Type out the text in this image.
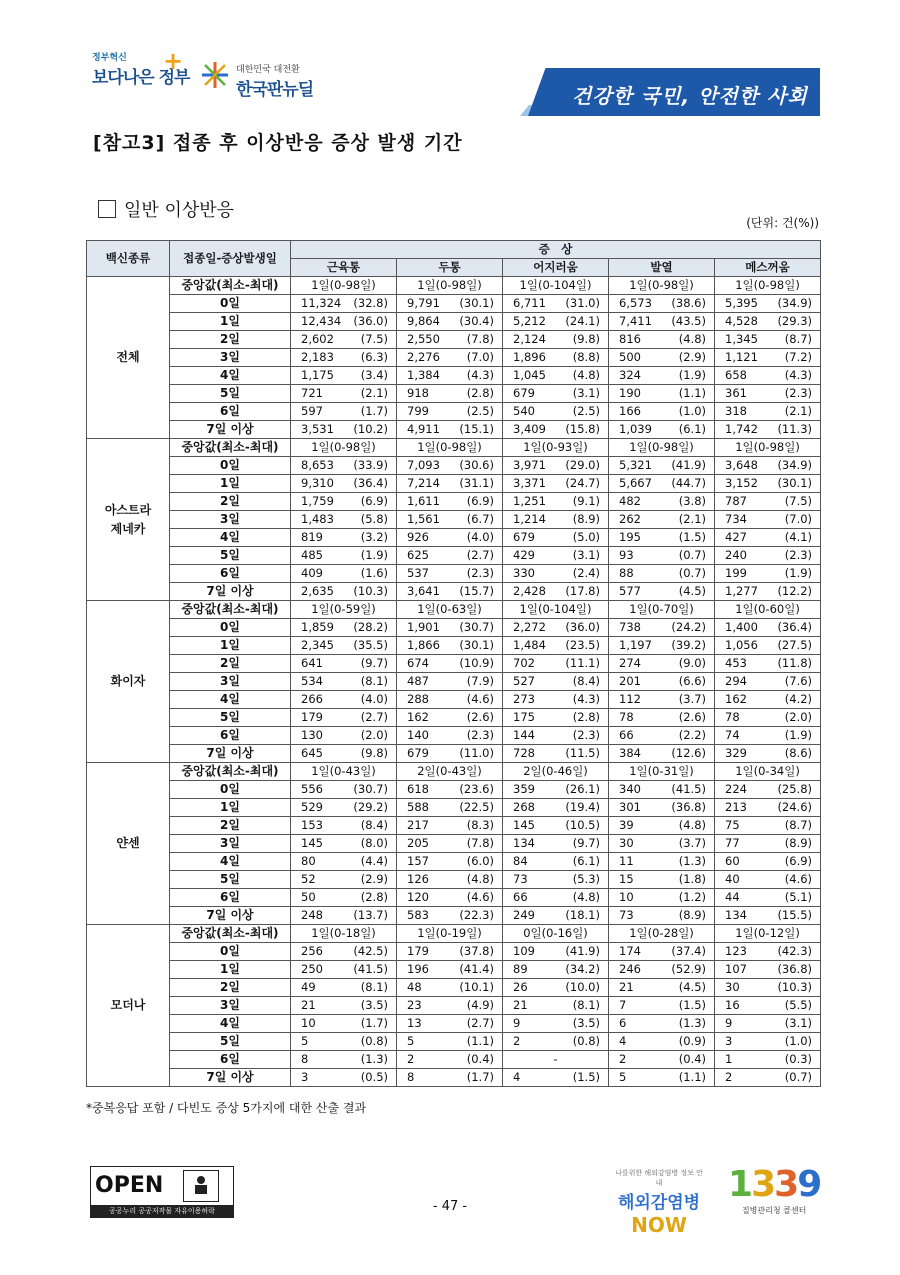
정부혁신
보다나은 정부
+	대한민국 대전환
한국판뉴딜	건강한 국민, 안전한 사회
[참고3] 접종 후 이상반응 증상 발생 기간
일반 이상반응
(단위: 건(%))
백신종류	접종일-증상발생일	증　상				
		근육통	두통	어지러움	발열	메스꺼움

전체	중앙값(최소-최대)	1일(0-98일)	1일(0-98일)	1일(0-104일)	1일(0-98일)	1일(0-98일)
	0일	11,324 (32.8)	9,791 (30.1)	6,711 (31.0)	6,573 (38.6)	5,395 (34.9)

	1일	12,434 (36.0)	9,864 (30.4)	5,212 (24.1)	7,411 (43.5)	4,528 (29.3)

	2일	2,602 (7.5)	2,550 (7.8)	2,124 (9.8)	816 (4.8)	1,345 (8.7)

	3일	2,183 (6.3)	2,276 (7.0)	1,896 (8.8)	500 (2.9)	1,121 (7.2)

	4일	1,175 (3.4)	1,384 (4.3)	1,045 (4.8)	324 (1.9)	658 (4.3)

	5일	721 (2.1)	918 (2.8)	679 (3.1)	190 (1.1)	361 (2.3)

	6일	597 (1.7)	799 (2.5)	540 (2.5)	166 (1.0)	318 (2.1)

	7일 이상	3,531 (10.2)	4,911 (15.1)	3,409 (15.8)	1,039 (6.1)	1,742 (11.3)

아스트라
제네카	중앙값(최소-최대)	1일(0-98일)	1일(0-98일)	1일(0-93일)	1일(0-98일)	1일(0-98일)
	0일	8,653 (33.9)	7,093 (30.6)	3,971 (29.0)	5,321 (41.9)	3,648 (34.9)

	1일	9,310 (36.4)	7,214 (31.1)	3,371 (24.7)	5,667 (44.7)	3,152 (30.1)

	2일	1,759 (6.9)	1,611 (6.9)	1,251 (9.1)	482 (3.8)	787 (7.5)

	3일	1,483 (5.8)	1,561 (6.7)	1,214 (8.9)	262 (2.1)	734 (7.0)

	4일	819 (3.2)	926 (4.0)	679 (5.0)	195 (1.5)	427 (4.1)

	5일	485 (1.9)	625 (2.7)	429 (3.1)	93 (0.7)	240 (2.3)

	6일	409 (1.6)	537 (2.3)	330 (2.4)	88 (0.7)	199 (1.9)

	7일 이상	2,635 (10.3)	3,641 (15.7)	2,428 (17.8)	577 (4.5)	1,277 (12.2)

화이자	중앙값(최소-최대)	1일(0-59일)	1일(0-63일)	1일(0-104일)	1일(0-70일)	1일(0-60일)
	0일	1,859 (28.2)	1,901 (30.7)	2,272 (36.0)	738 (24.2)	1,400 (36.4)

	1일	2,345 (35.5)	1,866 (30.1)	1,484 (23.5)	1,197 (39.2)	1,056 (27.5)

	2일	641 (9.7)	674 (10.9)	702 (11.1)	274 (9.0)	453 (11.8)

	3일	534 (8.1)	487 (7.9)	527 (8.4)	201 (6.6)	294 (7.6)

	4일	266 (4.0)	288 (4.6)	273 (4.3)	112 (3.7)	162 (4.2)

	5일	179 (2.7)	162 (2.6)	175 (2.8)	78 (2.6)	78 (2.0)

	6일	130 (2.0)	140 (2.3)	144 (2.3)	66 (2.2)	74 (1.9)

	7일 이상	645 (9.8)	679 (11.0)	728 (11.5)	384 (12.6)	329 (8.6)

얀센	중앙값(최소-최대)	1일(0-43일)	2일(0-43일)	2일(0-46일)	1일(0-31일)	1일(0-34일)
	0일	556 (30.7)	618 (23.6)	359 (26.1)	340 (41.5)	224 (25.8)

	1일	529 (29.2)	588 (22.5)	268 (19.4)	301 (36.8)	213 (24.6)

	2일	153 (8.4)	217 (8.3)	145 (10.5)	39 (4.8)	75 (8.7)

	3일	145 (8.0)	205 (7.8)	134 (9.7)	30 (3.7)	77 (8.9)

	4일	80 (4.4)	157 (6.0)	84 (6.1)	11 (1.3)	60 (6.9)

	5일	52 (2.9)	126 (4.8)	73 (5.3)	15 (1.8)	40 (4.6)

	6일	50 (2.8)	120 (4.6)	66 (4.8)	10 (1.2)	44 (5.1)

	7일 이상	248 (13.7)	583 (22.3)	249 (18.1)	73 (8.9)	134 (15.5)

모더나	중앙값(최소-최대)	1일(0-18일)	1일(0-19일)	0일(0-16일)	1일(0-28일)	1일(0-12일)
	0일	256 (42.5)	179 (37.8)	109 (41.9)	174 (37.4)	123 (42.3)

	1일	250 (41.5)	196 (41.4)	89 (34.2)	246 (52.9)	107 (36.8)

	2일	49 (8.1)	48 (10.1)	26 (10.0)	21 (4.5)	30 (10.3)

	3일	21 (3.5)	23 (4.9)	21 (8.1)	7 (1.5)	16 (5.5)

	4일	10 (1.7)	13 (2.7)	9 (3.5)	6 (1.3)	9 (3.1)

	5일	5 (0.8)	5 (1.1)	2 (0.8)	4 (0.9)	3 (1.0)

	6일	8 (1.3)	2 (0.4)	-	2 (0.4)	1 (0.3)

	7일 이상	3 (0.5)	8 (1.7)	4 (1.5)	5 (1.1)	2 (0.7)
*중복응답 포함 / 다빈도 증상 5가지에 대한 산출 결과
OPEN
공공누리 공공저작물 자유이용허락	- 47 -
나를위한 해외감염병 정보 안내
해외감염병
NOW
1339
질병관리청 콜센터
